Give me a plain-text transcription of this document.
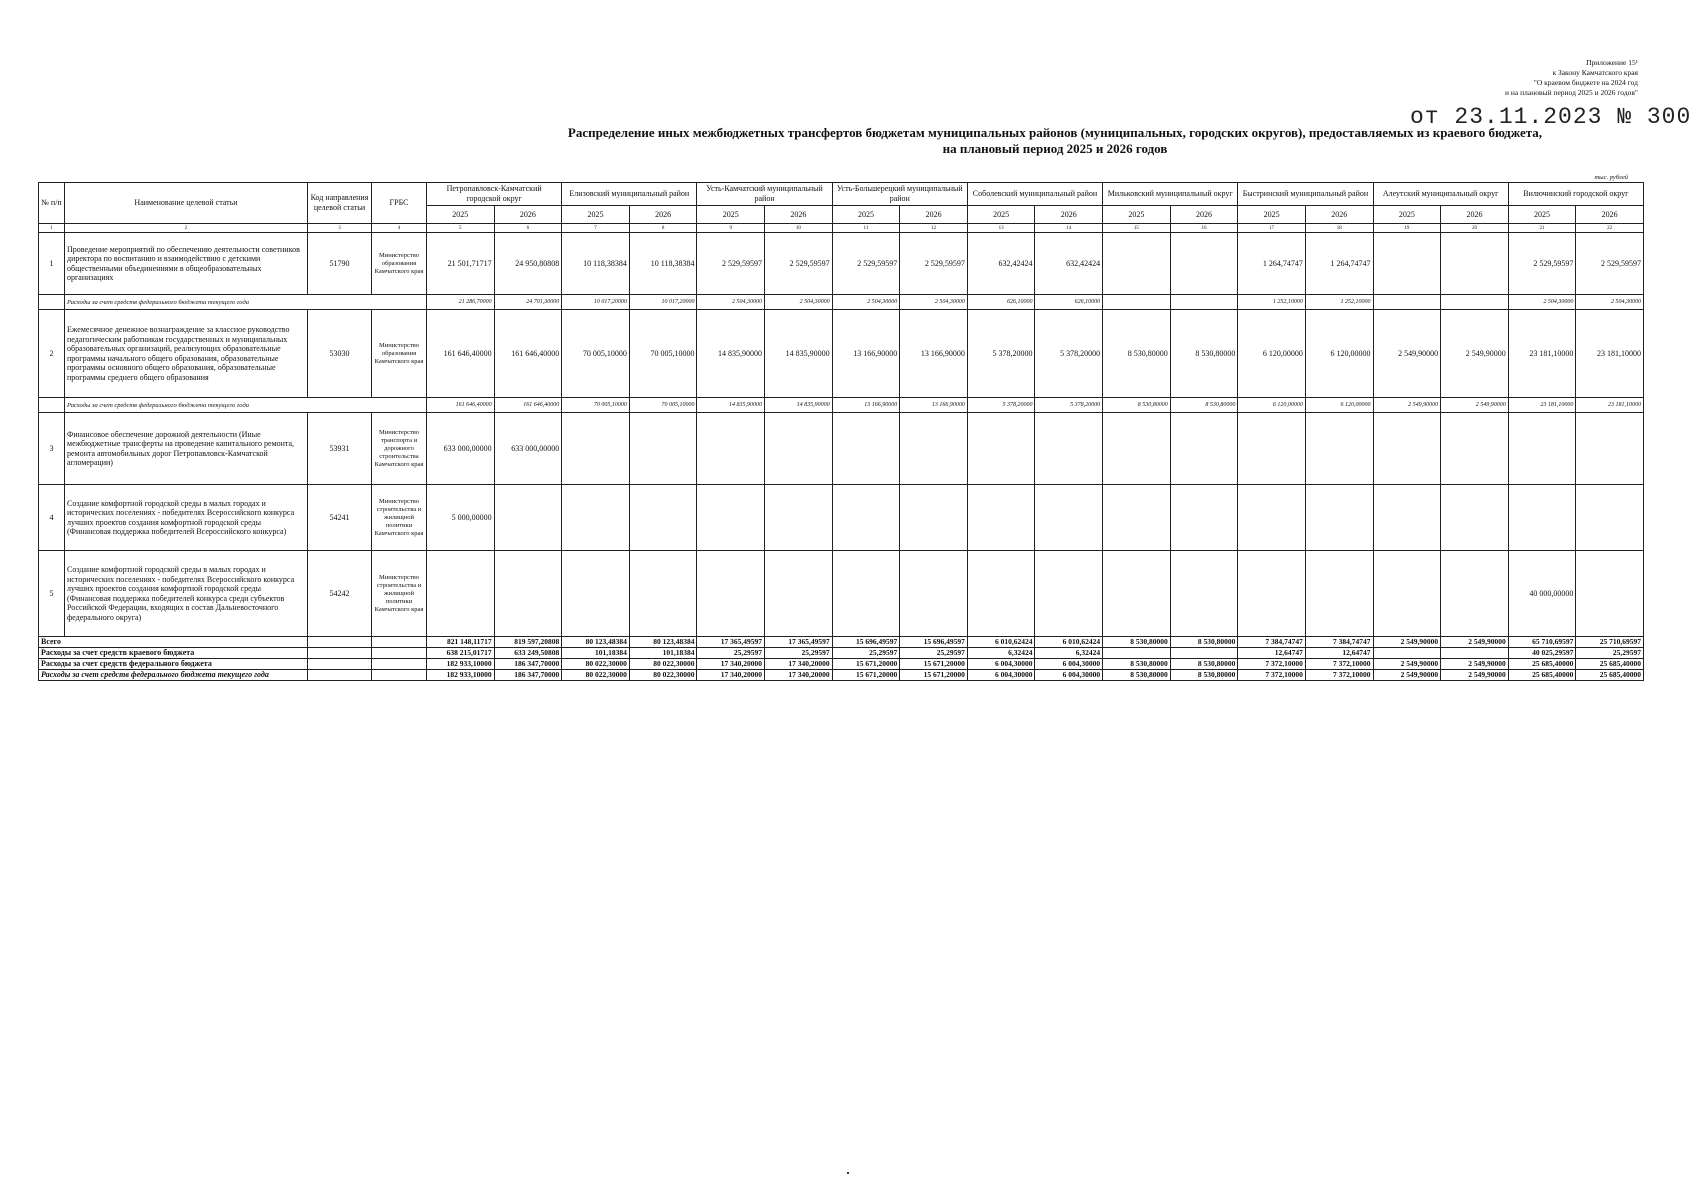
Приложение 15¹
к Закону Камчатского края
"О краевом бюджете на 2024 год
и на плановый период 2025 и 2026 годов"
от 23.11.2023 № 300
Распределение иных межбюджетных трансфертов бюджетам муниципальных районов (муниципальных, городских округов), предоставляемых из краевого бюджета,
на плановый период 2025 и 2026 годов
тыс. рублей
№ п/п	Наименование целевой статьи	Код направления целевой статьи	ГРБС	Петропавловск-Камчатский городской округ		Елизовский муниципальный район		Усть-Камчатский муниципальный район		Усть-Большерецкий муниципальный район		Соболевский муниципальный район		Мильковский муниципальный округ		Быстринский муниципальный район		Алеутский муниципальный округ		Вилючинский городской округ	
				2025	2026	2025	2026	2025	2026	2025	2026	2025	2026	2025	2026	2025	2026	2025	2026	2025	2026
1	2	3	4	5	6	7	8	9	10	11	12	13	14	15	16	17	18	19	20	21	22
1	Проведение мероприятий по обеспечению деятельности советников директора по воспитанию и взаимодействию с детскими общественными объединениями в общеобразовательных организациях	51790	Министерство образования Камчатского края	21 501,71717	24 950,80808	10 118,38384	10 118,38384	2 529,59597	2 529,59597	2 529,59597	2 529,59597	632,42424	632,42424			1 264,74747	1 264,74747			2 529,59597	2 529,59597
	Расходы за счет средств федерального бюджета текущего года			21 286,70000	24 701,30000	10 017,20000	10 017,20000	2 504,30000	2 504,30000	2 504,30000	2 504,30000	626,10000	626,10000			1 252,10000	1 252,10000			2 504,30000	2 504,30000
2	Ежемесячное денежное вознаграждение за классное руководство педагогическим работникам государственных и муниципальных образовательных организаций, реализующих образовательные программы начального общего образования, образовательные программы основного общего образования, образовательные программы среднего общего образования	53030	Министерство образования Камчатского края	161 646,40000	161 646,40000	70 005,10000	70 005,10000	14 835,90000	14 835,90000	13 166,90000	13 166,90000	5 378,20000	5 378,20000	8 530,80000	8 530,80000	6 120,00000	6 120,00000	2 549,90000	2 549,90000	23 181,10000	23 181,10000
	Расходы за счет средств федерального бюджета текущего года			161 646,40000	161 646,40000	70 005,10000	70 005,10000	14 835,90000	14 835,90000	13 166,90000	13 166,90000	5 378,20000	5 378,20000	8 530,80000	8 530,80000	6 120,00000	6 120,00000	2 549,90000	2 549,90000	23 181,10000	23 181,10000
3	Финансовое обеспечение дорожной деятельности (Иные межбюджетные трансферты на проведение капитального ремонта, ремонта автомобильных дорог Петропавловск-Камчатской агломерации)	53931	Министерство транспорта и дорожного строительства Камчатского края	633 000,00000	633 000,00000																
4	Создание комфортной городской среды в малых городах и исторических поселениях - победителях Всероссийского конкурса лучших проектов создания комфортной городской среды (Финансовая поддержка победителей Всероссийского конкурса)	54241	Министерство строительства и жилищной политики Камчатского края	5 000,00000																	
5	Создание комфортной городской среды в малых городах и исторических поселениях - победителях Всероссийского конкурса лучших проектов создания комфортной городской среды (Финансовая поддержка победителей конкурса среди субъектов Российской Федерации, входящих в состав Дальневосточного федерального округа)	54242	Министерство строительства и жилищной политики Камчатского края																	40 000,00000	
Всего				821 148,11717	819 597,20808	80 123,48384	80 123,48384	17 365,49597	17 365,49597	15 696,49597	15 696,49597	6 010,62424	6 010,62424	8 530,80000	8 530,80000	7 384,74747	7 384,74747	2 549,90000	2 549,90000	65 710,69597	25 710,69597
Расходы за счет средств краевого бюджета				638 215,01717	633 249,50808	101,18384	101,18384	25,29597	25,29597	25,29597	25,29597	6,32424	6,32424			12,64747	12,64747			40 025,29597	25,29597
Расходы за счет средств федерального бюджета				182 933,10000	186 347,70000	80 022,30000	80 022,30000	17 340,20000	17 340,20000	15 671,20000	15 671,20000	6 004,30000	6 004,30000	8 530,80000	8 530,80000	7 372,10000	7 372,10000	2 549,90000	2 549,90000	25 685,40000	25 685,40000
Расходы за счет средств федерального бюджета текущего года				182 933,10000	186 347,70000	80 022,30000	80 022,30000	17 340,20000	17 340,20000	15 671,20000	15 671,20000	6 004,30000	6 004,30000	8 530,80000	8 530,80000	7 372,10000	7 372,10000	2 549,90000	2 549,90000	25 685,40000	25 685,40000
